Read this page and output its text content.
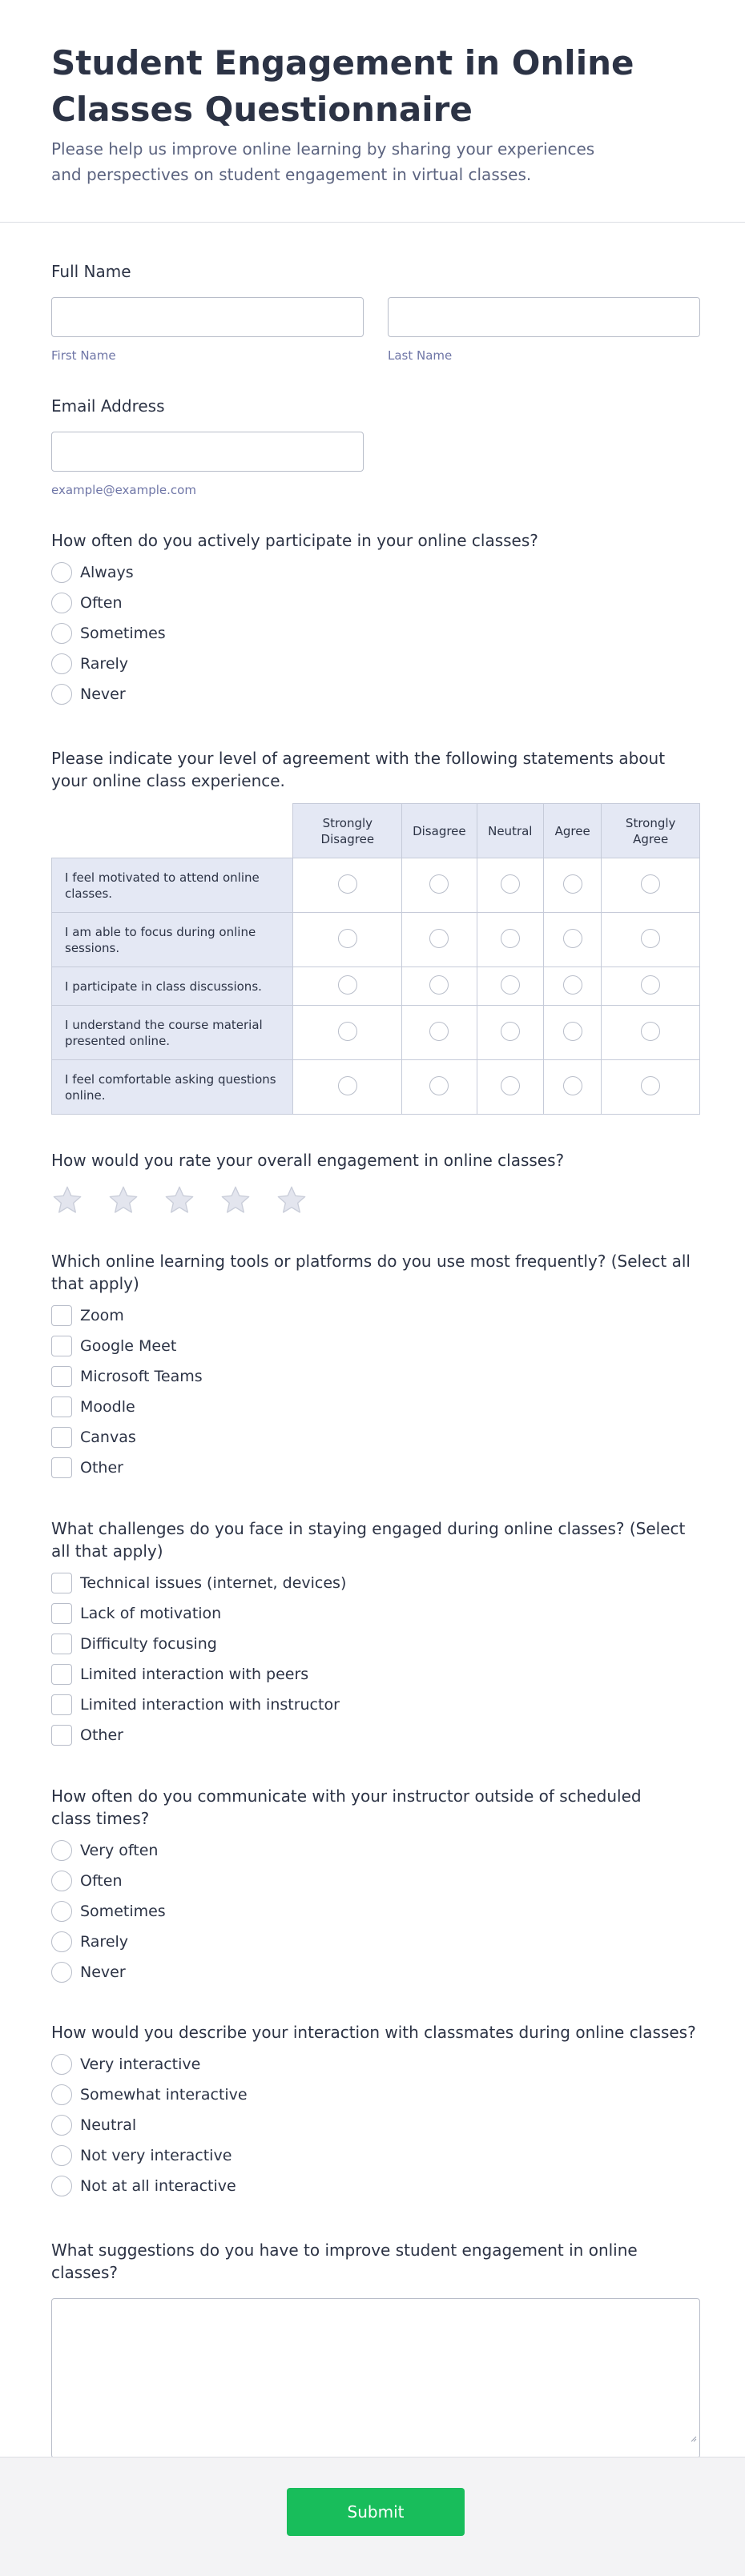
Student Engagement in Online Classes Questionnaire

Please help us improve online learning by sharing your experiences and perspectives on student engagement in virtual classes.

Full Name
First Name	Last Name
Email Address
example@example.com
How often do you actively participate in your online classes?
Always
Often
Sometimes
Rarely
Never
Please indicate your level of agreement with the following statements about your online class experience.
	Strongly Disagree	Disagree	Neutral	Agree	Strongly Agree
I feel motivated to attend online classes.					
I am able to focus during online sessions.					
I participate in class discussions.					
I understand the course material presented online.					
I feel comfortable asking questions online.					
How would you rate your overall engagement in online classes?
Which online learning tools or platforms do you use most frequently? (Select all that apply)
Zoom
Google Meet
Microsoft Teams
Moodle
Canvas
Other
What challenges do you face in staying engaged during online classes? (Select all that apply)
Technical issues (internet, devices)
Lack of motivation
Difficulty focusing
Limited interaction with peers
Limited interaction with instructor
Other
How often do you communicate with your instructor outside of scheduled class times?
Very often
Often
Sometimes
Rarely
Never
How would you describe your interaction with classmates during online classes?
Very interactive
Somewhat interactive
Neutral
Not very interactive
Not at all interactive
What suggestions do you have to improve student engagement in online classes?
Submit
